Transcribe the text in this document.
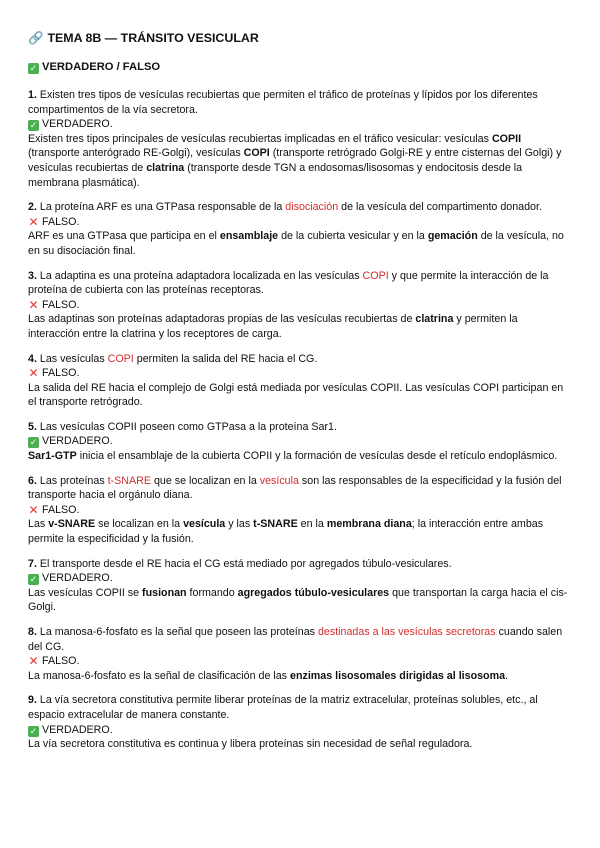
🔗 TEMA 8B — TRÁNSITO VESICULAR
✓ VERDADERO / FALSO

1. Existen tres tipos de vesículas recubiertas que permiten el tráfico de proteínas y lípidos por los diferentes compartimentos de la vía secretora.

✓ VERDADERO.

Existen tres tipos principales de vesículas recubiertas implicadas en el tráfico vesicular: vesículas COPII (transporte anterógrado RE-Golgi), vesículas COPI (transporte retrógrado Golgi-RE y entre cisternas del Golgi) y vesículas recubiertas de clatrina (transporte desde TGN a endosomas/lisosomas y endocitosis desde la membrana plasmática).

2. La proteína ARF es una GTPasa responsable de la disociación de la vesícula del compartimento donador.

✕ FALSO.

ARF es una GTPasa que participa en el ensamblaje de la cubierta vesicular y en la gemación de la vesícula, no en su disociación final.

3. La adaptina es una proteína adaptadora localizada en las vesículas COPI y que permite la interacción de la proteína de cubierta con las proteínas receptoras.

✕ FALSO.

Las adaptinas son proteínas adaptadoras propias de las vesículas recubiertas de clatrina y permiten la interacción entre la clatrina y los receptores de carga.

4. Las vesículas COPI permiten la salida del RE hacia el CG.

✕ FALSO.

La salida del RE hacia el complejo de Golgi está mediada por vesículas COPII. Las vesículas COPI participan en el transporte retrógrado.

5. Las vesículas COPII poseen como GTPasa a la proteína Sar1.

✓ VERDADERO.

Sar1-GTP inicia el ensamblaje de la cubierta COPII y la formación de vesículas desde el retículo endoplásmico.

6. Las proteínas t-SNARE que se localizan en la vesícula son las responsables de la especificidad y la fusión del transporte hacia el orgánulo diana.

✕ FALSO.

Las v-SNARE se localizan en la vesícula y las t-SNARE en la membrana diana; la interacción entre ambas permite la especificidad y la fusión.

7. El transporte desde el RE hacia el CG está mediado por agregados túbulo-vesiculares.

✓ VERDADERO.

Las vesículas COPII se fusionan formando agregados túbulo-vesiculares que transportan la carga hacia el cis-Golgi.

8. La manosa-6-fosfato es la señal que poseen las proteínas destinadas a las vesículas secretoras cuando salen del CG.

✕ FALSO.

La manosa-6-fosfato es la señal de clasificación de las enzimas lisosomales dirigidas al lisosoma.

9. La vía secretora constitutiva permite liberar proteínas de la matriz extracelular, proteínas solubles, etc., al espacio extracelular de manera constante.

✓ VERDADERO.

La vía secretora constitutiva es continua y libera proteínas sin necesidad de señal reguladora.
